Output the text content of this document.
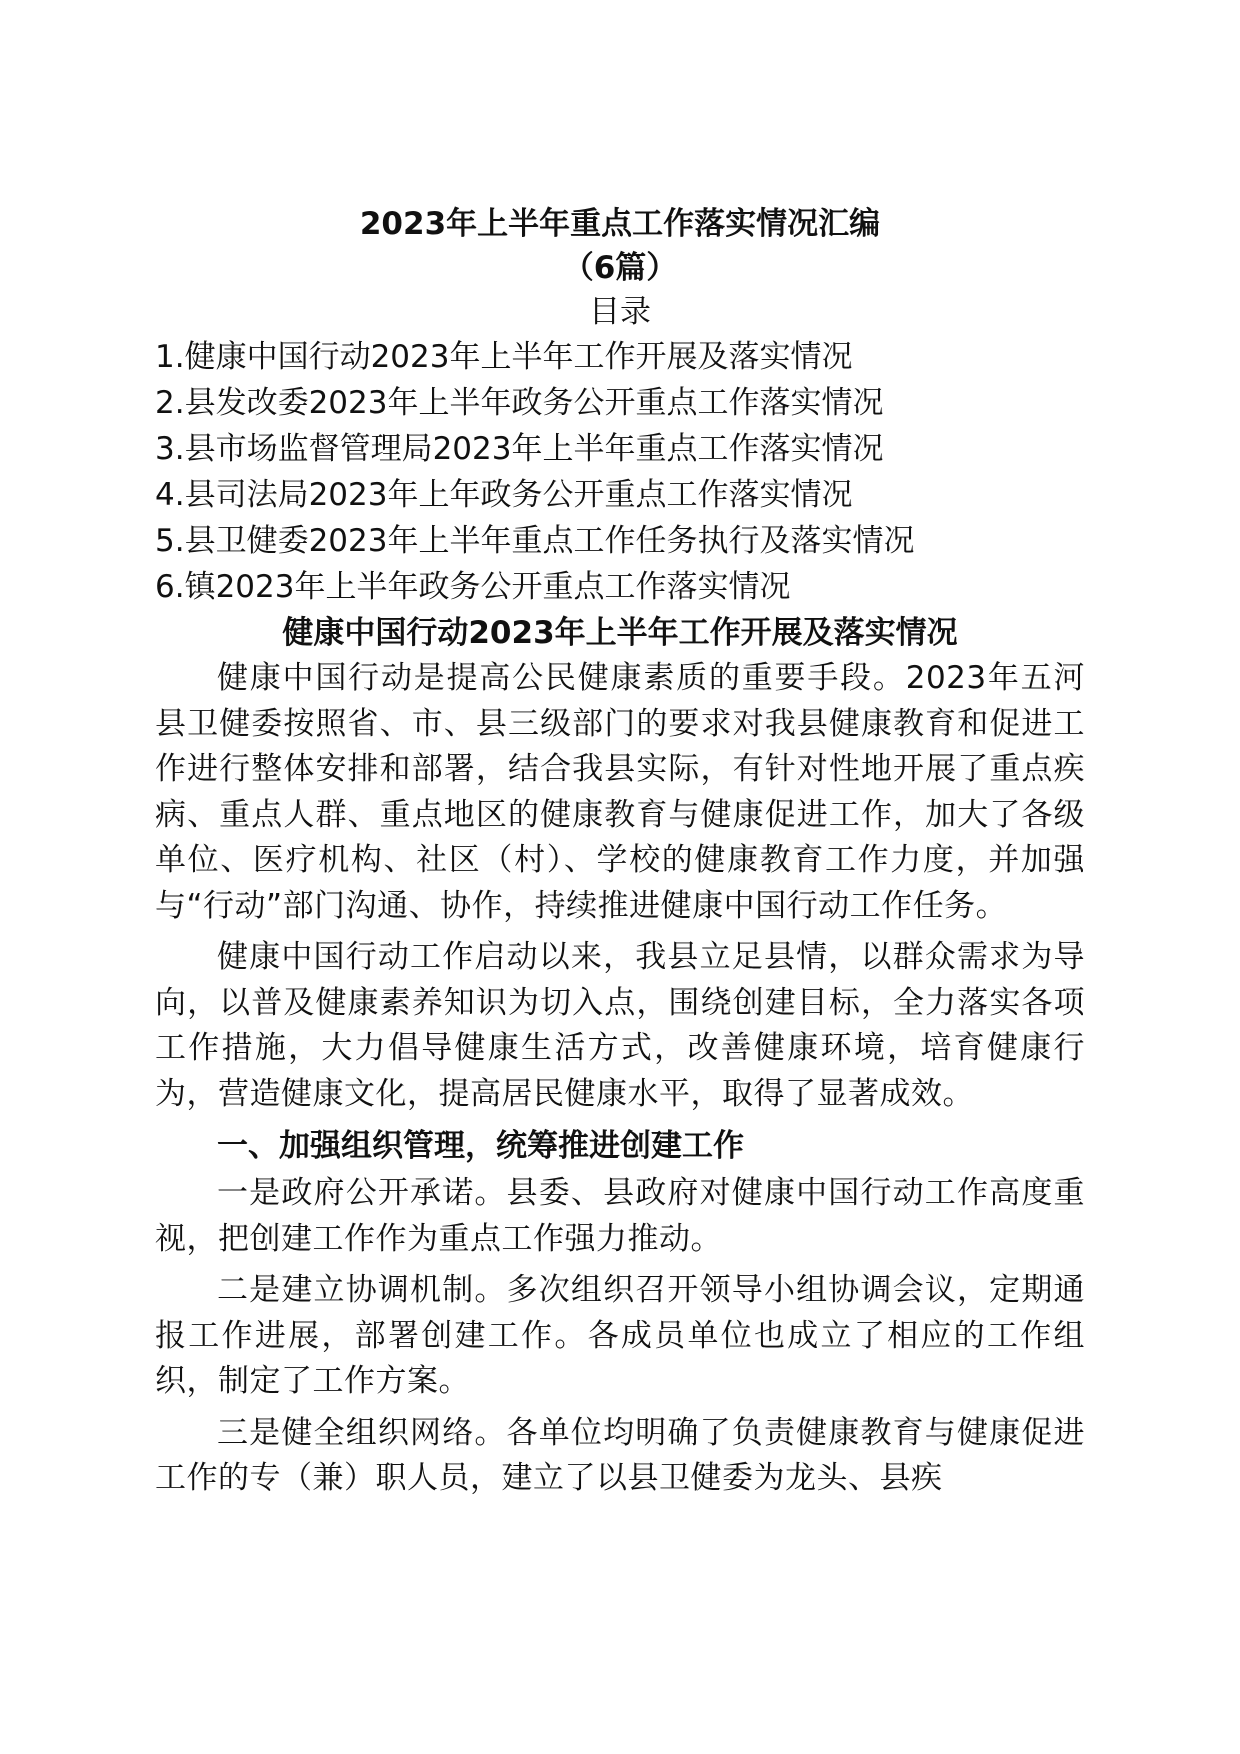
2023年上半年重点工作落实情况汇编
（6篇）
目录
1.健康中国行动2023年上半年工作开展及落实情况
2.县发改委2023年上半年政务公开重点工作落实情况
3.县市场监督管理局2023年上半年重点工作落实情况
4.县司法局2023年上年政务公开重点工作落实情况
5.县卫健委2023年上半年重点工作任务执行及落实情况
6.镇2023年上半年政务公开重点工作落实情况
健康中国行动2023年上半年工作开展及落实情况

健康中国行动是提高公民健康素质的重要手段。2023年五河县卫健委按照省、市、县三级部门的要求对我县健康教育和促进工作进行整体安排和部署，结合我县实际，有针对性地开展了重点疾病、重点人群、重点地区的健康教育与健康促进工作，加大了各级单位、医疗机构、社区（村）、学校的健康教育工作力度，并加强与“行动”部门沟通、协作，持续推进健康中国行动工作任务。

健康中国行动工作启动以来，我县立足县情，以群众需求为导向，以普及健康素养知识为切入点，围绕创建目标，全力落实各项工作措施，大力倡导健康生活方式，改善健康环境，培育健康行为，营造健康文化，提高居民健康水平，取得了显著成效。

一、加强组织管理，统筹推进创建工作

一是政府公开承诺。县委、县政府对健康中国行动工作高度重视，把创建工作作为重点工作强力推动。

二是建立协调机制。多次组织召开领导小组协调会议，定期通报工作进展，部署创建工作。各成员单位也成立了相应的工作组织，制定了工作方案。

三是健全组织网络。各单位均明确了负责健康教育与健康促进工作的专（兼）职人员，建立了以县卫健委为龙头、县疾
